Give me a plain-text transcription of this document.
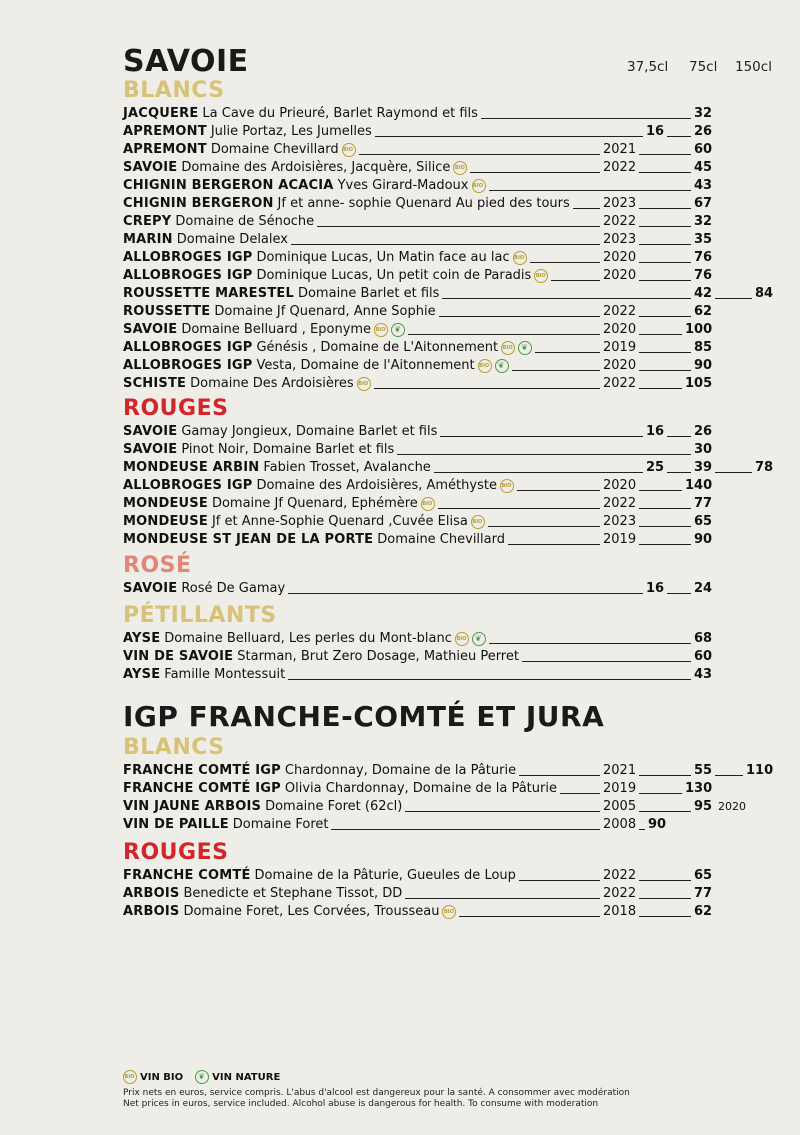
SAVOIE	37,5cl 75cl 150cl
IGP FRANCHE-COMTÉ ET JURA
BLANCS
JACQUERE La Cave du Prieuré, Barlet Raymond et fils	32
APREMONT Julie Portaz, Les Jumelles	16 26
APREMONT Domaine Chevillard BIO	2021	60
SAVOIE Domaine des Ardoisières, Jacquère, Silice BIO	2022	45
CHIGNIN BERGERON ACACIA Yves Girard-Madoux BIO	43
CHIGNIN BERGERON Jf et anne- sophie Quenard Au pied des tours	2023	67
CREPY Domaine de Sénoche	2022	32
MARIN Domaine Delalex	2023	35
ALLOBROGES IGP Dominique Lucas, Un Matin face au lac BIO	2020	76
ALLOBROGES IGP Dominique Lucas, Un petit coin de Paradis BIO	2020	76
ROUSSETTE MARESTEL Domaine Barlet et fils	42	84
ROUSSETTE Domaine Jf Quenard, Anne Sophie	2022	62
SAVOIE Domaine Belluard , Eponyme BIO ❦	2020	100
ALLOBROGES IGP Génésis , Domaine de L'Aitonnement BIO ❦	2019	85
ALLOBROGES IGP Vesta, Domaine de l'Aitonnement BIO ❦	2020	90
SCHISTE Domaine Des Ardoisières BIO	2022	105
ROUGES
SAVOIE Gamay Jongieux, Domaine Barlet et fils	16 26
SAVOIE Pinot Noir, Domaine Barlet et fils	30
MONDEUSE ARBIN Fabien Trosset, Avalanche	25 39	78
ALLOBROGES IGP Domaine des Ardoisières, Améthyste BIO	2020	140
MONDEUSE Domaine Jf Quenard, Ephémère BIO	2022	77
MONDEUSE Jf et Anne-Sophie Quenard ,Cuvée Elisa BIO	2023	65
MONDEUSE ST JEAN DE LA PORTE Domaine Chevillard	2019	90
ROSÉ
SAVOIE Rosé De Gamay	16 24
PÉTILLANTS
AYSE Domaine Belluard, Les perles du Mont-blanc BIO ❦	68
VIN DE SAVOIE Starman, Brut Zero Dosage, Mathieu Perret	60
AYSE Famille Montessuit	43
BLANCS
FRANCHE COMTÉ IGP Chardonnay, Domaine de la Pâturie	2021	55	110
FRANCHE COMTÉ IGP Olivia Chardonnay, Domaine de la Pâturie	2019	130
VIN JAUNE ARBOIS Domaine Foret (62cl)	2005	95 2020
VIN DE PAILLE Domaine Foret	2008 90
ROUGES
FRANCHE COMTÉ Domaine de la Pâturie, Gueules de Loup	2022	65
ARBOIS Benedicte et Stephane Tissot, DD	2022	77
ARBOIS Domaine Foret, Les Corvées, Trousseau BIO	2018	62
BIO
VIN BIO ❦	VIN NATURE
Prix nets en euros, service compris. L'abus d'alcool est dangereux pour la santé. A consommer avec modération
Net prices in euros, service included. Alcohol abuse is dangerous for health. To consume with moderation
